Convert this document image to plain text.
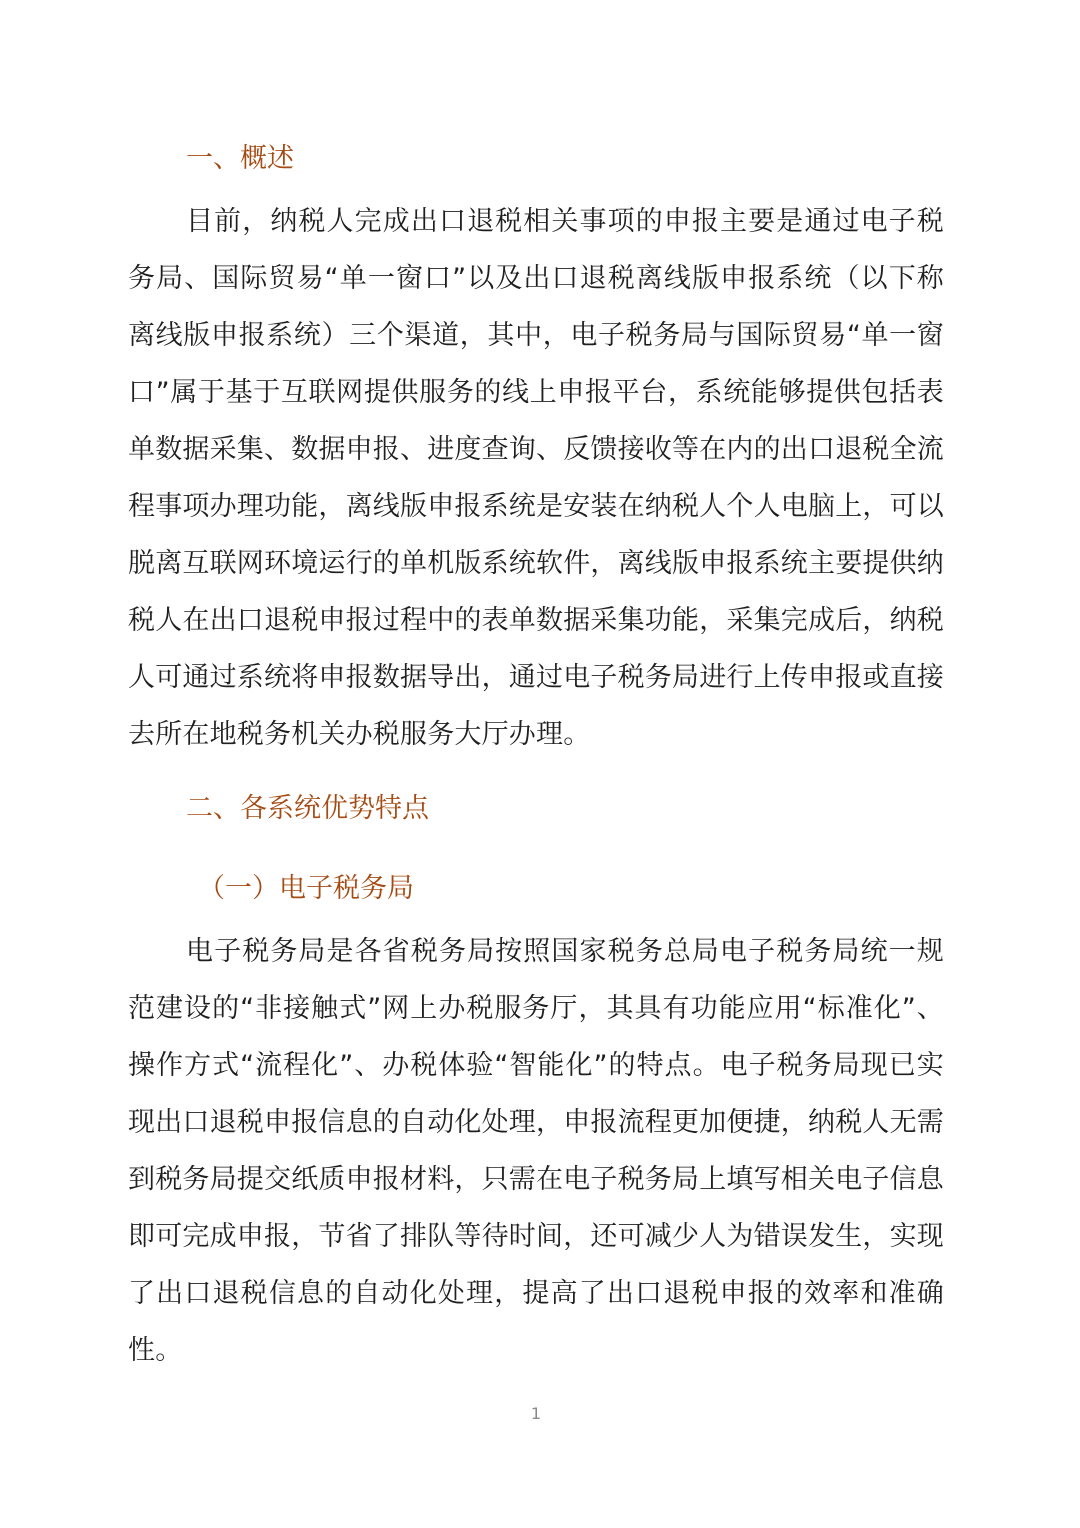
一、概述

目前，纳税人完成出口退税相关事项的申报主要是通过电子税务局、国际贸易“单一窗口”以及出口退税离线版申报系统（以下称离线版申报系统）三个渠道，其中，电子税务局与国际贸易“单一窗口”属于基于互联网提供服务的线上申报平台，系统能够提供包括表单数据采集、数据申报、进度查询、反馈接收等在内的出口退税全流程事项办理功能，离线版申报系统是安装在纳税人个人电脑上，可以脱离互联网环境运行的单机版系统软件，离线版申报系统主要提供纳税人在出口退税申报过程中的表单数据采集功能，采集完成后，纳税人可通过系统将申报数据导出，通过电子税务局进行上传申报或直接去所在地税务机关办税服务大厅办理。

二、各系统优势特点
（一）电子税务局

电子税务局是各省税务局按照国家税务总局电子税务局统一规范建设的“非接触式”网上办税服务厅，其具有功能应用“标准化”、操作方式“流程化”、办税体验“智能化”的特点。电子税务局现已实现出口退税申报信息的自动化处理，申报流程更加便捷，纳税人无需到税务局提交纸质申报材料，只需在电子税务局上填写相关电子信息即可完成申报，节省了排队等待时间，还可减少人为错误发生，实现了出口退税信息的自动化处理，提高了出口退税申报的效率和准确性。

1
